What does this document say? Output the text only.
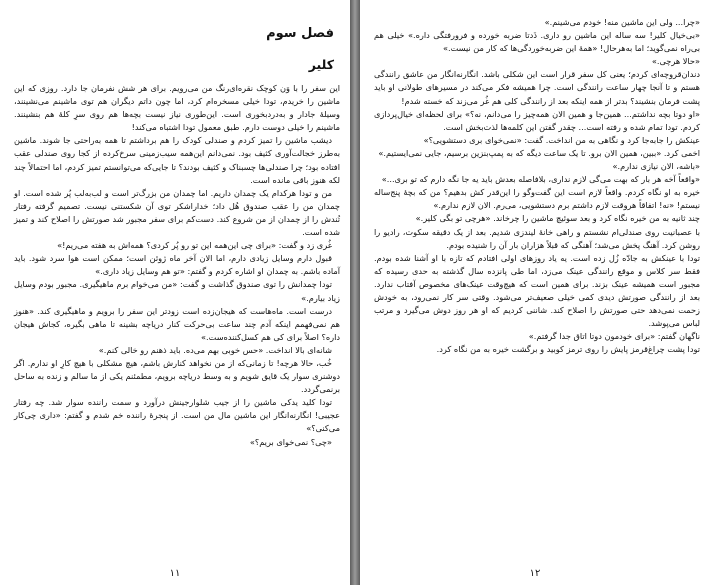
فصل سوم
کلیر

این سفر را با وَن کوچک نقره‌ای‌رنگ من می‌رویم. برای هر شش نفرمان جا دارد. روزی که این ماشین را خریدم، تودا خیلی مسخره‌ام کرد، اما چون داتم دیگران هم توی ماشینم می‌نشینند، وسیلهٔ جادار و به‌دردبخوری است. این‌طوری نیاز نیست بچه‌ها هم روی سرِ کلهٔ هم بنشینند. ماشینم را خیلی دوست دارم. طبق معمول تودا اشتباه می‌کند!

دیشب ماشین را تمیز کردم و صندلی کودک را هم برداشتم تا همه به‌راحتی جا شوند. ماشین به‌طرز خجالت‌آوری کثیف بود. نمی‌دانم این‌همه سیب‌زمینی سرخ‌کرده از کجا روی صندلی عقب افتاده بود؛ چرا صندلی‌ها چسبناک و کثیف بودند؟ تا جایی‌که می‌توانستم تمیز کردم، اما احتمالاً چند لکه هنوز باقی مانده است.

من و تودا هرکدام یک چمدان داریم. اما چمدان من بزرگ‌تر است و لب‌به‌لب پُر شده است. او چمدان من را عقب صندوق هُل داد؛ خدارا‌شکر توی آن شکستنی نیست. تصمیم گرفته رفتار تُندش را از چمدان از من شروع کند. دست‌کم برای سفر مجبور شد صورتش را اصلاح کند و تمیز شده است.

غُری زد و گفت: «برای چی این‌همه این تو رو پُر کردی؟ همه‌اش به هفته می‌ریم!»

قبول دارم وسایل زیادی دارم، اما الان آخر ماه ژوئن است؛ ممکن است هوا سرد شود. باید آماده باشم. به چمدان او اشاره کردم و گفتم: «تو هم وسایل زیاد داری.»

تودا چمدانش را توی صندوق گذاشت و گفت: «من می‌خوام برم ماهیگیری. مجبور بودم وسایل زیاد بیارم.»

درست است. ماه‌هاست که هیجان‌زده است زودتر این سفر را برویم و ماهیگیری کند. «هنوز هم نمی‌فهمم اینکه آدم چند ساعت بی‌حرکت کنار دریاچه بشینه تا ماهی بگیره، کجاش هیجان داره؟ اصلاً برای کی هم کسل‌کننده‌ست.»

شانه‌ای بالا انداخت. «حس خوبی بهم می‌ده. باید ذهنم رو خالی کنم.»

خُب، حالا هرچه! تا زمانی‌که از من نخواهد کنارش باشم، هیچ مشکلی با هیچ کارِ او ندارم. اگر دوشنری سوار یک قایق شویم و به وسط دریاچه برویم، مطمئنم یکی از ما سالم و زنده به ساحل برنمی‌گردد.

تودا کلید یدکی ماشین را از جیب شلوارجینش درآورد و سمت راننده سوار شد. چه رفتار عجیبی! انگارنه‌انگار این ماشین مال من است. از پنجرهٔ راننده خم شدم و گفتم: «داری چی‌کار می‌کنی؟»

«چی؟ نمی‌خوای بریم؟»

۱۱

«چرا... ولی این ماشین منه! خودم می‌شینم.»

«بی‌خیال کلیر! سه ساله این ماشین رو داری. ذَدتا ضربه خورده و فرورفتگی داره.» خیلی هم بی‌راه نمی‌گوید؛ اما به‌هرحال! «همهٔ این ضربه‌خوردگی‌ها که کار من نیست.»

«حالا هرچی.»

دندان‌قروچه‌ای کردم؛ یعنی کل سفر قرار است این شکلی باشد. انگارنه‌انگار من عاشق رانندگی هستم و تا آنجا چهار ساعت رانندگی است. چرا همیشه فکر می‌کند در مسیرهای طولانی او باید پشت فرمان بنشیند؟ بدتر از همه اینکه بعد از رانندگی کلی هم غُر می‌زند که خسته شدم!

«او دوتا بچه نداشتم... همین‌جا و همین الان همه‌چیز را می‌دانم، نه؟» برای لحظه‌ای خیال‌پردازی کردم. تودا تمام شده و رفته است... چقدر گفتن این کلمه‌ها لذت‌بخش است.

عینکش را جابه‌جا کرد و نگاهی به من انداخت. گفت: «نمی‌خوای بری دستشویی؟»

اخمی کرد. «ببین، همین الان برو. تا یک ساعت دیگه که به پمپ‌بنزین برسیم، جایی نمی‌ایستیم.»

«باشه، الان نیازی ندارم.»

«واقعاً آخه هر بار که بهت می‌گی لازم نداری، بلافاصله بعدش باید یه جا نگه دارم که تو بری...»

خیره به او نگاه کردم. واقعاً لازم است این گفت‌وگو را این‌قدر کش بدهیم؟ من که بچهٔ پنج‌ساله نیستم! «نه! اتفاقاً هروقت لازم داشتم برم دستشویی، می‌رم. الان لازم ندارم.»

چند ثانیه به من خیره نگاه کرد و بعد سوئیچ ماشین را چرخاند. «هرچی تو بگی کلیر.»

با عصبانیت روی صندلی‌ام نشستم و راهی خانهٔ لیندزی شدیم. بعد از یک دقیقه سکوت، رادیو را روشن کرد. آهنگ پخش می‌شد؛ آهنگی که قبلاً هزاران بار آن را شنیده بودم.

تودا با عینکش به جادّه زُل زده است. یه یاد روزهای اولی افتادم که تازه با او آشنا شده بودم. فقط سر کلاس و موقع رانندگی عینک می‌زد، اما طی پانزده سال گذشته به حدی رسیده که مجبور است همیشه عینک بزند. برای همین است که هیچ‌وقت عینک‌های مخصوص آفتاب ندارد. بعد از رانندگی صورتش دیدی کمی خیلی صعیف‌تر می‌شود. وقتی سر کار نمی‌رود، به خودش زحمت نمی‌دهد حتی صورتش را اصلاح کند. شاننی کردیم که او هر روز دوش می‌گیرد و مرتب لباس می‌پوشد.

ناگهان گفتم: «برای خودمون دوتا اتاق جدا گرفتم.»

تودا پشت چراغ‌قرمز پایش را روی ترمز کوبید و برگشت خیره به من نگاه کرد.

۱۲
